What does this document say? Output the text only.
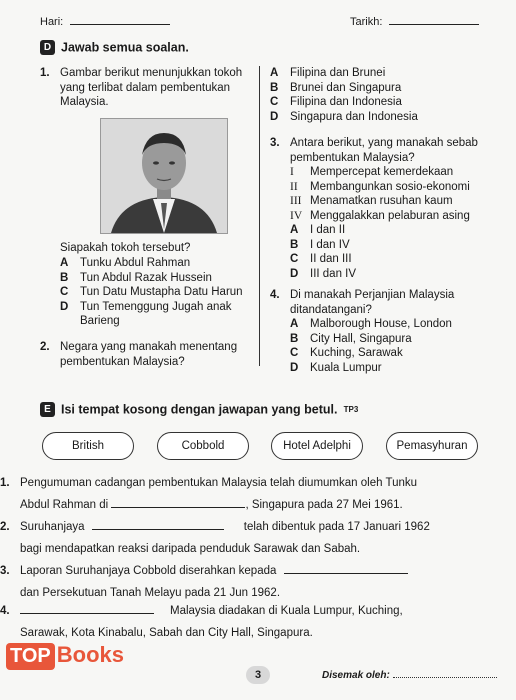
Hari:	Tarikh:
D Jawab semua soalan.
1. Gambar berikut menunjukkan tokoh yang terlibat dalam pembentukan Malaysia.
Siapakah tokoh tersebut?
A Tunku Abdul Rahman
B Tun Abdul Razak Hussein
C Tun Datu Mustapha Datu Harun
D Tun Temenggung Jugah anak Barieng
2. Negara yang manakah menentang pembentukan Malaysia?
A Filipina dan Brunei
B Brunei dan Singapura
C Filipina dan Indonesia
D Singapura dan Indonesia
3. Antara berikut, yang manakah sebab pembentukan Malaysia?
I Mempercepat kemerdekaan
II Membangunkan sosio-ekonomi
III Menamatkan rusuhan kaum
IV Menggalakkan pelaburan asing
A I dan II
B I dan IV
C II dan III
D III dan IV
4. Di manakah Perjanjian Malaysia ditandatangani?
A Malborough House, London
B City Hall, Singapura
C Kuching, Sarawak
D Kuala Lumpur
E Isi tempat kosong dengan jawapan yang betul. TP3
British	Cobbold	Hotel Adelphi	Pemasyhuran
1. Pengumuman cadangan pembentukan Malaysia telah diumumkan oleh Tunku
Abdul Rahman di	, Singapura pada 27 Mei 1961.
2. Suruhanjaya	telah dibentuk pada 17 Januari 1962
bagi mendapatkan reaksi daripada penduduk Sarawak dan Sabah.
3. Laporan Suruhanjaya Cobbold diserahkan kepada
dan Persekutuan Tanah Melayu pada 21 Jun 1962.
4.	Malaysia diadakan di Kuala Lumpur, Kuching,
Sarawak, Kota Kinabalu, Sabah dan City Hall, Singapura.
TOP Books
3	Disemak oleh:
